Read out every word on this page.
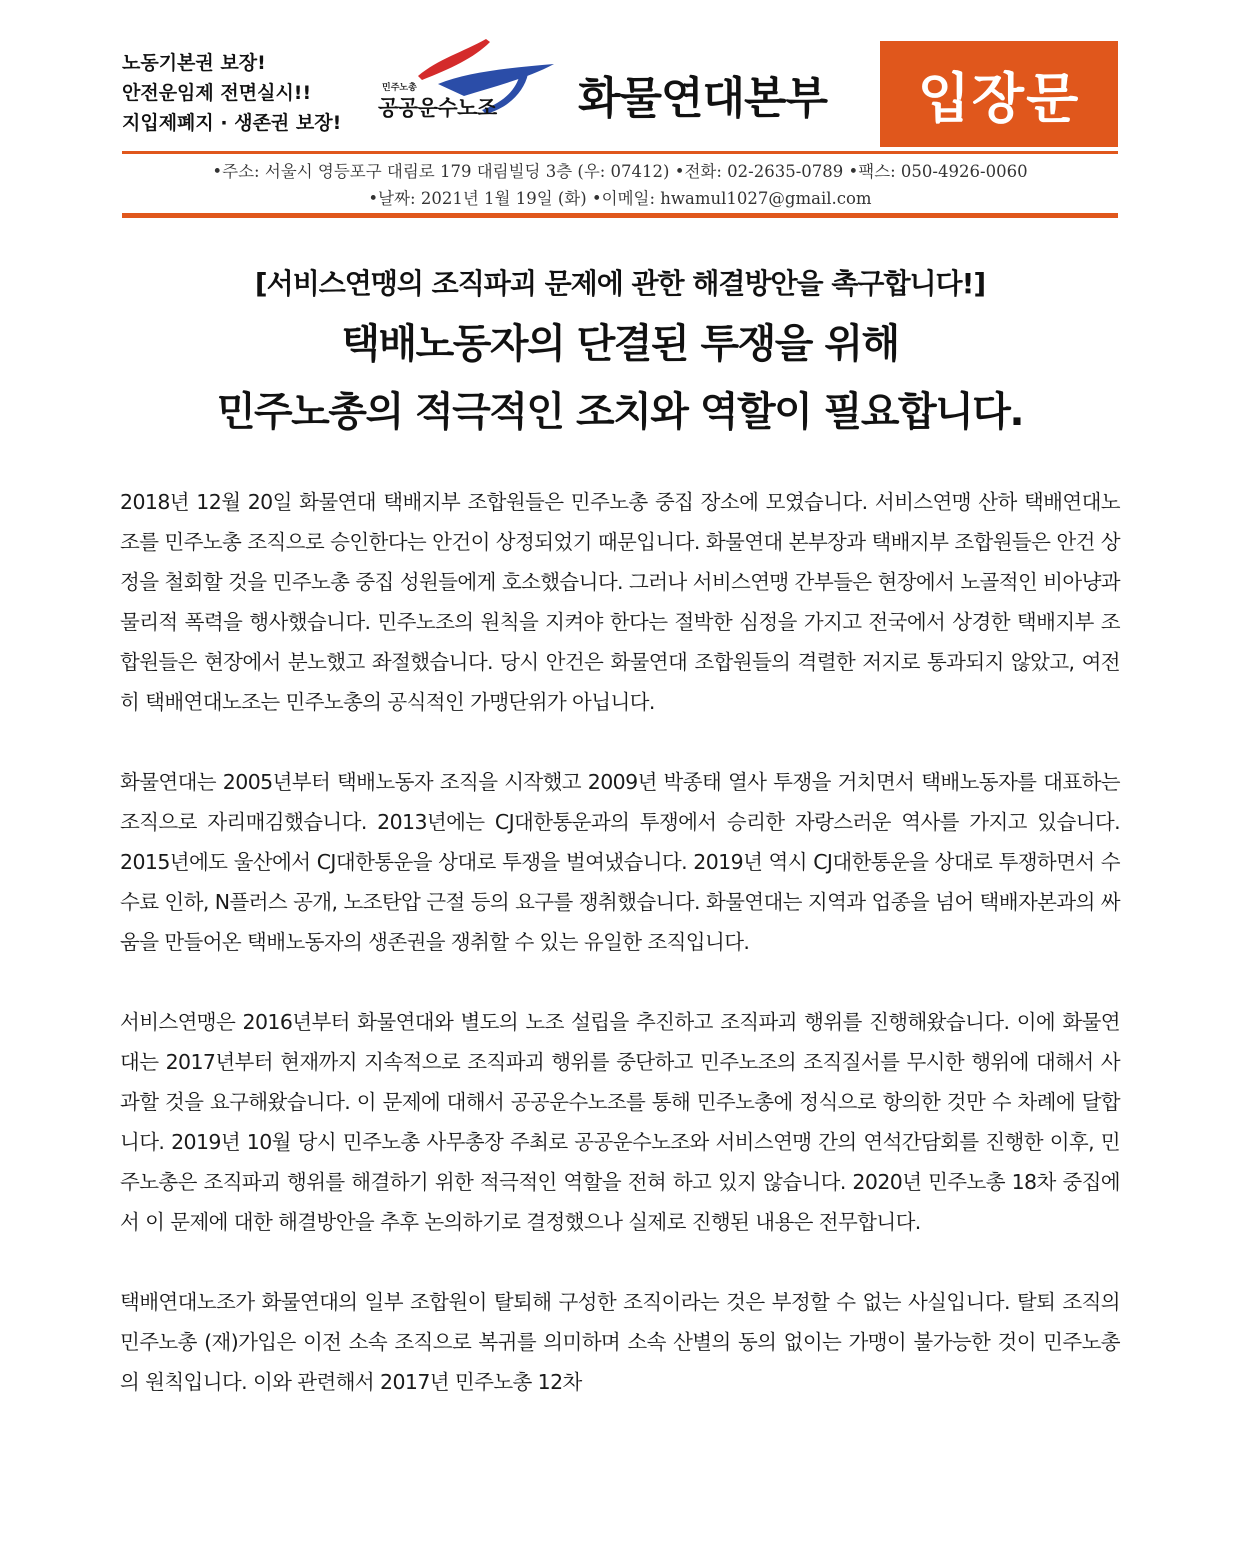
노동기본권 보장!
안전운임제 전면실시!!
지입제폐지 · 생존권 보장!
민주노총
공공운수노조 화물연대본부 입장문
•주소: 서울시 영등포구 대림로 179 대림빌딩 3층 (우: 07412) •전화: 02-2635-0789 •팩스: 050-4926-0060
•날짜: 2021년 1월 19일 (화) •이메일: hwamul1027@gmail.com
[서비스연맹의 조직파괴 문제에 관한 해결방안을 촉구합니다!]
택배노동자의 단결된 투쟁을 위해
민주노총의 적극적인 조치와 역할이 필요합니다.

2018년 12월 20일 화물연대 택배지부 조합원들은 민주노총 중집 장소에 모였습니다. 서비스연맹 산하 택배연대노조를 민주노총 조직으로 승인한다는 안건이 상정되었기 때문입니다. 화물연대 본부장과 택배지부 조합원들은 안건 상정을 철회할 것을 민주노총 중집 성원들에게 호소했습니다. 그러나 서비스연맹 간부들은 현장에서 노골적인 비아냥과 물리적 폭력을 행사했습니다. 민주노조의 원칙을 지켜야 한다는 절박한 심정을 가지고 전국에서 상경한 택배지부 조합원들은 현장에서 분노했고 좌절했습니다. 당시 안건은 화물연대 조합원들의 격렬한 저지로 통과되지 않았고, 여전히 택배연대노조는 민주노총의 공식적인 가맹단위가 아닙니다.

화물연대는 2005년부터 택배노동자 조직을 시작했고 2009년 박종태 열사 투쟁을 거치면서 택배노동자를 대표하는 조직으로 자리매김했습니다. 2013년에는 CJ대한통운과의 투쟁에서 승리한 자랑스러운 역사를 가지고 있습니다. 2015년에도 울산에서 CJ대한통운을 상대로 투쟁을 벌여냈습니다. 2019년 역시 CJ대한통운을 상대로 투쟁하면서 수수료 인하, N플러스 공개, 노조탄압 근절 등의 요구를 쟁취했습니다. 화물연대는 지역과 업종을 넘어 택배자본과의 싸움을 만들어온 택배노동자의 생존권을 쟁취할 수 있는 유일한 조직입니다.

서비스연맹은 2016년부터 화물연대와 별도의 노조 설립을 추진하고 조직파괴 행위를 진행해왔습니다. 이에 화물연대는 2017년부터 현재까지 지속적으로 조직파괴 행위를 중단하고 민주노조의 조직질서를 무시한 행위에 대해서 사과할 것을 요구해왔습니다. 이 문제에 대해서 공공운수노조를 통해 민주노총에 정식으로 항의한 것만 수 차례에 달합니다. 2019년 10월 당시 민주노총 사무총장 주최로 공공운수노조와 서비스연맹 간의 연석간담회를 진행한 이후, 민주노총은 조직파괴 행위를 해결하기 위한 적극적인 역할을 전혀 하고 있지 않습니다. 2020년 민주노총 18차 중집에서 이 문제에 대한 해결방안을 추후 논의하기로 결정했으나 실제로 진행된 내용은 전무합니다.

택배연대노조가 화물연대의 일부 조합원이 탈퇴해 구성한 조직이라는 것은 부정할 수 없는 사실입니다. 탈퇴 조직의 민주노총 (재)가입은 이전 소속 조직으로 복귀를 의미하며 소속 산별의 동의 없이는 가맹이 불가능한 것이 민주노총의 원칙입니다. 이와 관련해서 2017년 민주노총 12차
